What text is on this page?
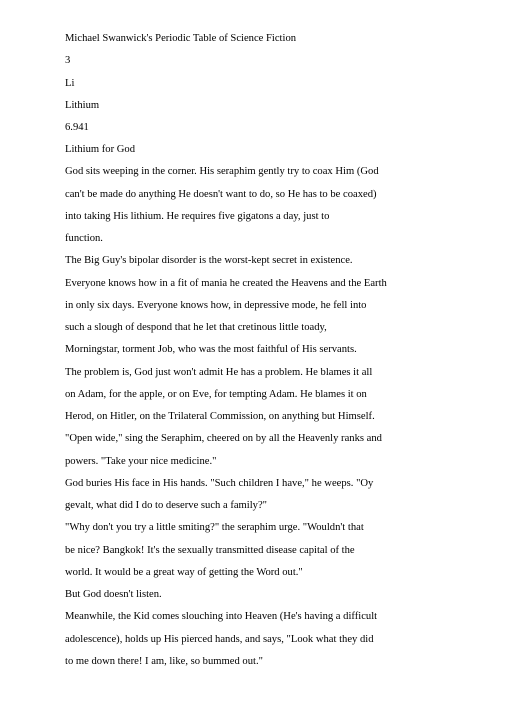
Michael Swanwick's Periodic Table of Science Fiction

3

Li

Lithium

6.941

Lithium for God

God sits weeping in the corner. His seraphim gently try to coax Him (God

can't be made do anything He doesn't want to do, so He has to be coaxed)

into taking His lithium. He requires five gigatons a day, just to

function.

The Big Guy's bipolar disorder is the worst-kept secret in existence.

Everyone knows how in a fit of mania he created the Heavens and the Earth

in only six days. Everyone knows how, in depressive mode, he fell into

such a slough of despond that he let that cretinous little toady,

Morningstar, torment Job, who was the most faithful of His servants.

The problem is, God just won't admit He has a problem. He blames it all

on Adam, for the apple, or on Eve, for tempting Adam. He blames it on

Herod, on Hitler, on the Trilateral Commission, on anything but Himself.

"Open wide," sing the Seraphim, cheered on by all the Heavenly ranks and

powers. "Take your nice medicine."

God buries His face in His hands. "Such children I have," he weeps. "Oy

gevalt, what did I do to deserve such a family?"

"Why don't you try a little smiting?" the seraphim urge. "Wouldn't that

be nice? Bangkok! It's the sexually transmitted disease capital of the

world. It would be a great way of getting the Word out."

But God doesn't listen.

Meanwhile, the Kid comes slouching into Heaven (He's having a difficult

adolescence), holds up His pierced hands, and says, "Look what they did

to me down there! I am, like, so bummed out."
